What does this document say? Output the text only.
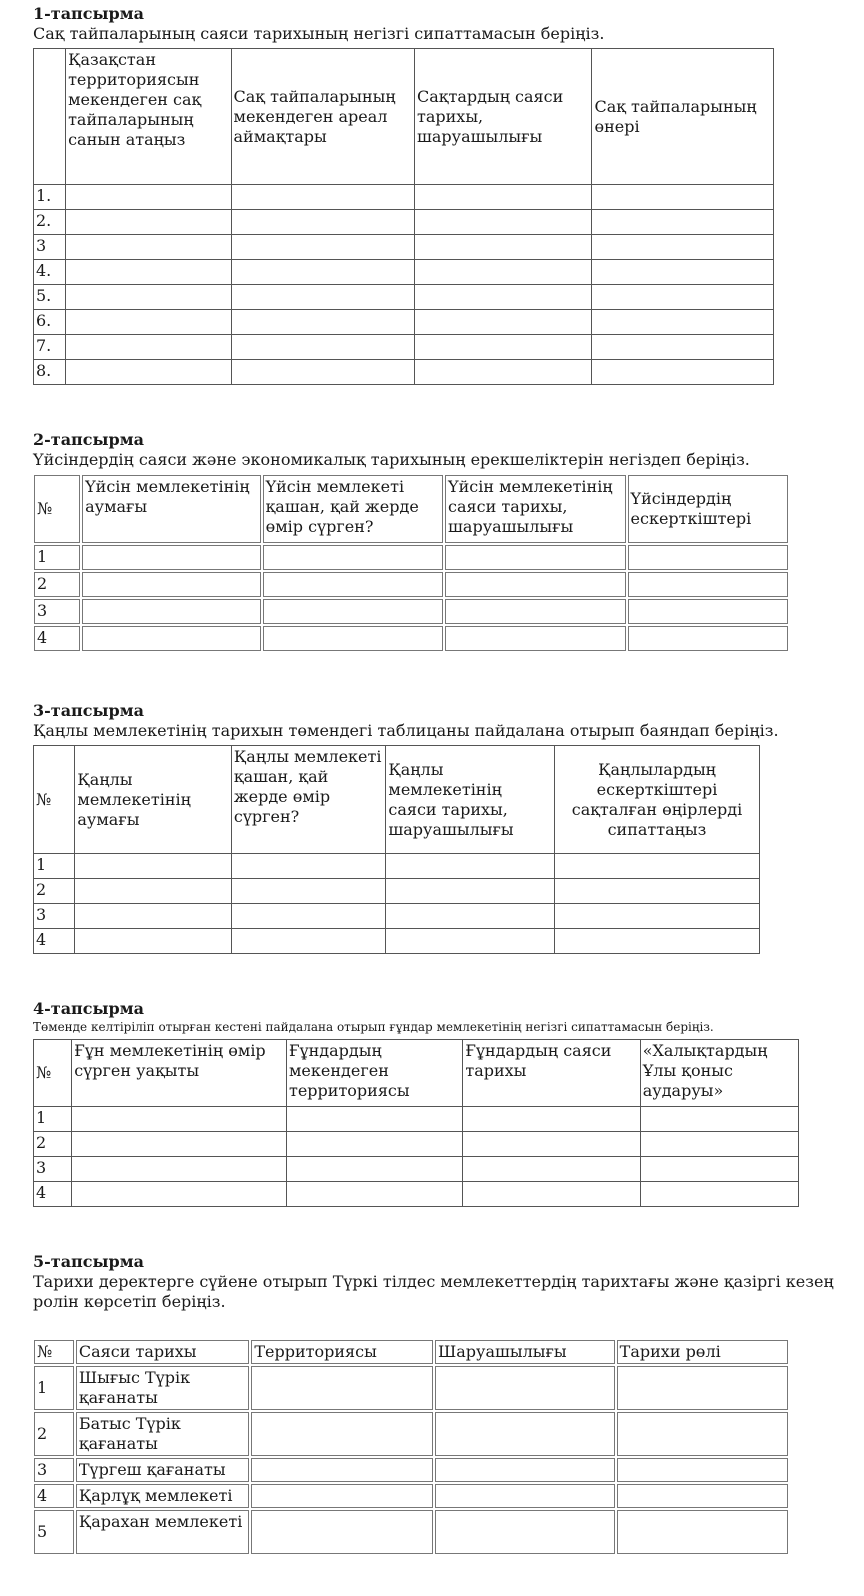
1-тапсырма
Сақ тайпаларының саяси тарихының негізгі сипаттамасын беріңіз.
	Қазақстан территориясын мекендеген сақ тайпаларының санын атаңыз	Сақ тайпаларының мекендеген ареал аймақтары	Сақтардың саяси тарихы, шаруашылығы	Сақ тайпаларының өнері
1.				
2.				
3				
4.				
5.				
6.				
7.				
8.				
2-тапсырма
Үйсіндердің саяси және экономикалық тарихының ерекшеліктерін негіздеп беріңіз.
№	Үйсін мемлекетінің аумағы	Үйсін мемлекеті қашан, қай жерде өмір сүрген?	Үйсін мемлекетінің саяси тарихы, шаруашылығы	Үйсіндердің ескерткіштері
1				
2				
3				
4				
3-тапсырма
Қаңлы мемлекетінің тарихын төмендегі таблицаны пайдалана отырып баяндап беріңіз.
№	Қаңлы мемлекетінің аумағы	Қаңлы мемлекеті қашан, қай жерде өмір сүрген?	Қаңлы мемлекетінің саяси тарихы, шаруашылығы	Қаңлылардың ескерткіштері сақталған өңірлерді сипаттаңыз
1				
2				
3				
4				
4-тапсырма
Төменде келтіріліп отырған кестені пайдалана отырып ғұндар мемлекетінің негізгі сипаттамасын беріңіз.
№	Ғұн мемлекетінің өмір сүрген уақыты	Ғұндардың мекендеген территориясы	Ғұндардың саяси тарихы	«Халықтардың Ұлы қоныс аударуы»
1				
2				
3				
4				
5-тапсырма
Тарихи деректерге сүйене отырып Түркі тілдес мемлекеттердің тарихтағы және қазіргі кезең
ролін көрсетіп беріңіз.
№	Саяси тарихы	Территориясы	Шаруашылығы	Тарихи рөлі
1	Шығыс Түрік қағанаты			
2	Батыс Түрік қағанаты			
3	Түргеш қағанаты			
4	Қарлұқ мемлекеті			
5	Қарахан мемлекеті			
